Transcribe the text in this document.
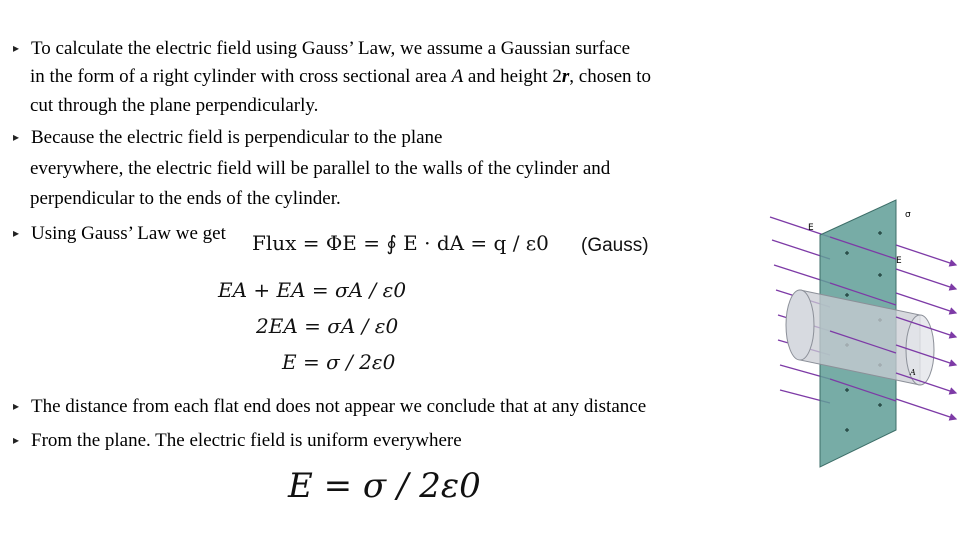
▸ To calculate the electric field using Gauss’ Law, we assume a Gaussian surface
in the form of a right cylinder with cross sectional area A and height 2r, chosen to
cut through the plane perpendicularly.
▸ Because the electric field is perpendicular to the plane
everywhere, the electric field will be parallel to the walls of the cylinder and
perpendicular to the ends of the cylinder.
▸ Using Gauss’ Law we get Flux = ΦE = ∮ E · dA = q / ε0 (Gauss)
EA + EA = σA / ε0
2EA = σA / ε0
E = σ / 2ε0
▸ The distance from each flat end does not appear we conclude that at any distance
▸ From the plane. The electric field is uniform everywhere
E = σ / 2ε0
E
E
σ
A
